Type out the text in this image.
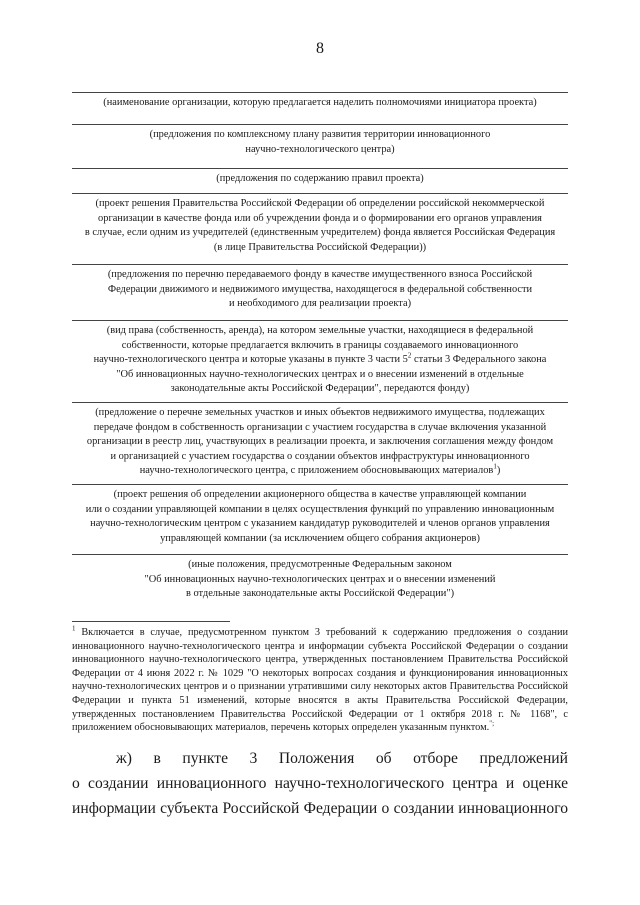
8
(наименование организации, которую предлагается наделить полномочиями инициатора проекта)
(предложения по комплексному плану развития территории инновационного
научно-технологического центра)
(предложения по содержанию правил проекта)
(проект решения Правительства Российской Федерации об определении российской некоммерческой
организации в качестве фонда или об учреждении фонда и о формировании его органов управления
в случае, если одним из учредителей (единственным учредителем) фонда является Российская Федерация
(в лице Правительства Российской Федерации))
(предложения по перечню передаваемого фонду в качестве имущественного взноса Российской
Федерации движимого и недвижимого имущества, находящегося в федеральной собственности
и необходимого для реализации проекта)
(вид права (собственность, аренда), на котором земельные участки, находящиеся в федеральной
собственности, которые предлагается включить в границы создаваемого инновационного
научно-технологического центра и которые указаны в пункте 3 части $5^2$ статьи 3 Федерального закона
"Об инновационных научно-технологических центрах и о внесении изменений в отдельные
законодательные акты Российской Федерации", передаются фонду)
(предложение о перечне земельных участков и иных объектов недвижимого имущества, подлежащих
передаче фондом в собственность организации с участием государства в случае включения указанной
организации в реестр лиц, участвующих в реализации проекта, и заключения соглашения между фондом
и организацией с участием государства о создании объектов инфраструктуры инновационного
научно-технологического центра, с приложением обосновывающих материалов$^1$)
(проект решения об определении акционерного общества в качестве управляющей компании
или о создании управляющей компании в целях осуществления функций по управлению инновационным
научно-технологическим центром с указанием кандидатур руководителей и членов органов управления
управляющей компании (за исключением общего собрания акционеров)
(иные положения, предусмотренные Федеральным законом
"Об инновационных научно-технологических центрах и о внесении изменений
в отдельные законодательные акты Российской Федерации")
$^1$ Включается в случае, предусмотренном пунктом 3 требований к содержанию предложения о создании инновационного научно-технологического центра и информации субъекта Российской Федерации о создании инновационного научно-технологического центра, утвержденных постановлением Правительства Российской Федерации от 4 июня 2022 г. № 1029 "О некоторых вопросах создания и функционирования инновационных научно-технологических центров и о признании утратившими силу некоторых актов Правительства Российской Федерации и пункта 51 изменений, которые вносятся в акты Правительства Российской Федерации, утвержденных постановлением Правительства Российской Федерации от 1 октября 2018 г. № 1168", с приложением обосновывающих материалов, перечень которых определен указанным пунктом.";
ж) в пункте 3 Положения об отборе предложений
о создании инновационного научно-технологического центра и оценке
информации субъекта Российской Федерации о создании инновационного
